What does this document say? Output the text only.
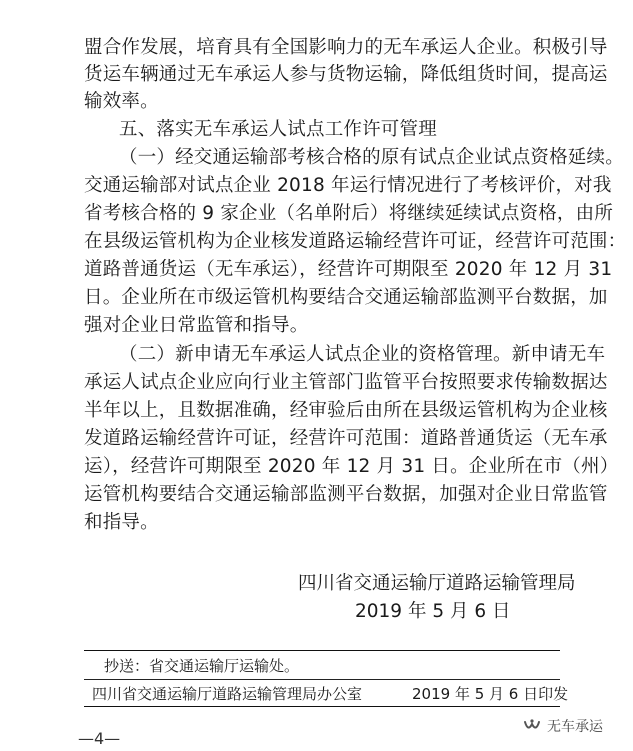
盟合作发展，培育具有全国影响力的无车承运人企业。积极引导

货运车辆通过无车承运人参与货物运输，降低组货时间，提高运

输效率。

五、落实无车承运人试点工作许可管理

（一）经交通运输部考核合格的原有试点企业试点资格延续。

交通运输部对试点企业 2018 年运行情况进行了考核评价，对我

省考核合格的 9 家企业（名单附后）将继续延续试点资格，由所

在县级运管机构为企业核发道路运输经营许可证，经营许可范围：

道路普通货运（无车承运），经营许可期限至 2020 年 12 月 31

日。企业所在市级运管机构要结合交通运输部监测平台数据，加

强对企业日常监管和指导。

（二）新申请无车承运人试点企业的资格管理。新申请无车

承运人试点企业应向行业主管部门监管平台按照要求传输数据达

半年以上，且数据准确，经审验后由所在县级运管机构为企业核

发道路运输经营许可证，经营许可范围：道路普通货运（无车承

运），经营许可期限至 2020 年 12 月 31 日。企业所在市（州）

运管机构要结合交通运输部监测平台数据，加强对企业日常监管

和指导。

四川省交通运输厅道路运输管理局

2019 年 5 月 6 日

抄送：省交通运输厅运输处。
四川省交通运输厅道路运输管理局办公室	2019 年 5 月 6 日印发
—4—
无车承运
